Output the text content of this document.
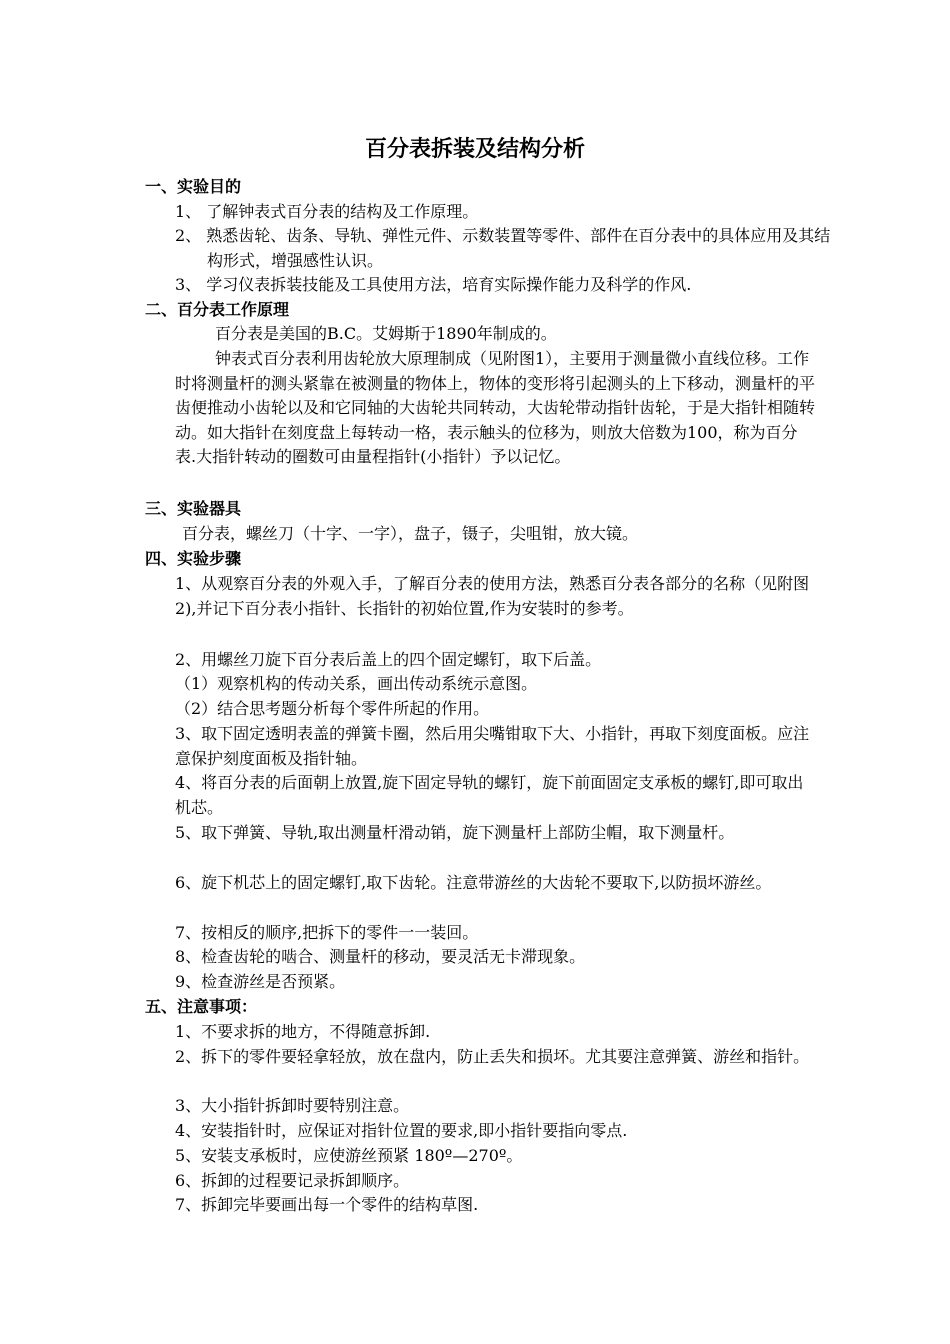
百分表拆装及结构分析
一、实验目的
1、 了解钟表式百分表的结构及工作原理。
2、 熟悉齿轮、齿条、导轨、弹性元件、示数装置等零件、部件在百分表中的具体应用及其结构形式，增强感性认识。
3、 学习仪表拆装技能及工具使用方法，培育实际操作能力及科学的作风.
二、百分表工作原理
百分表是美国的B.C。艾姆斯于1890年制成的。
钟表式百分表利用齿轮放大原理制成（见附图1），主要用于测量微小直线位移。工作时将测量杆的测头紧靠在被测量的物体上，物体的变形将引起测头的上下移动，测量杆的平齿便推动小齿轮以及和它同轴的大齿轮共同转动，大齿轮带动指针齿轮，于是大指针相随转动。如大指针在刻度盘上每转动一格，表示触头的位移为，则放大倍数为100，称为百分表.大指针转动的圈数可由量程指针(小指针）予以记忆。
三、实验器具
百分表，螺丝刀（十字、一字），盘子，镊子，尖咀钳，放大镜。
四、实验步骤
1、从观察百分表的外观入手，了解百分表的使用方法，熟悉百分表各部分的名称（见附图2),并记下百分表小指针、长指针的初始位置,作为安装时的参考。
2、用螺丝刀旋下百分表后盖上的四个固定螺钉，取下后盖。
（1）观察机构的传动关系，画出传动系统示意图。
（2）结合思考题分析每个零件所起的作用。
3、取下固定透明表盖的弹簧卡圈，然后用尖嘴钳取下大、小指针，再取下刻度面板。应注意保护刻度面板及指针轴。
4、将百分表的后面朝上放置,旋下固定导轨的螺钉，旋下前面固定支承板的螺钉,即可取出机芯。
5、取下弹簧、导轨,取出测量杆滑动销，旋下测量杆上部防尘帽，取下测量杆。
6、旋下机芯上的固定螺钉,取下齿轮。注意带游丝的大齿轮不要取下,以防损坏游丝。
7、按相反的顺序,把拆下的零件一一装回。
8、检查齿轮的啮合、测量杆的移动，要灵活无卡滞现象。
9、检查游丝是否预紧。
五、注意事项：
1、不要求拆的地方，不得随意拆卸.
2、拆下的零件要轻拿轻放，放在盘内，防止丢失和损坏。尤其要注意弹簧、游丝和指针。
3、大小指针拆卸时要特别注意。
4、安装指针时，应保证对指针位置的要求,即小指针要指向零点.
5、安装支承板时，应使游丝预紧 180º—270º。
6、拆卸的过程要记录拆卸顺序。
7、拆卸完毕要画出每一个零件的结构草图.
